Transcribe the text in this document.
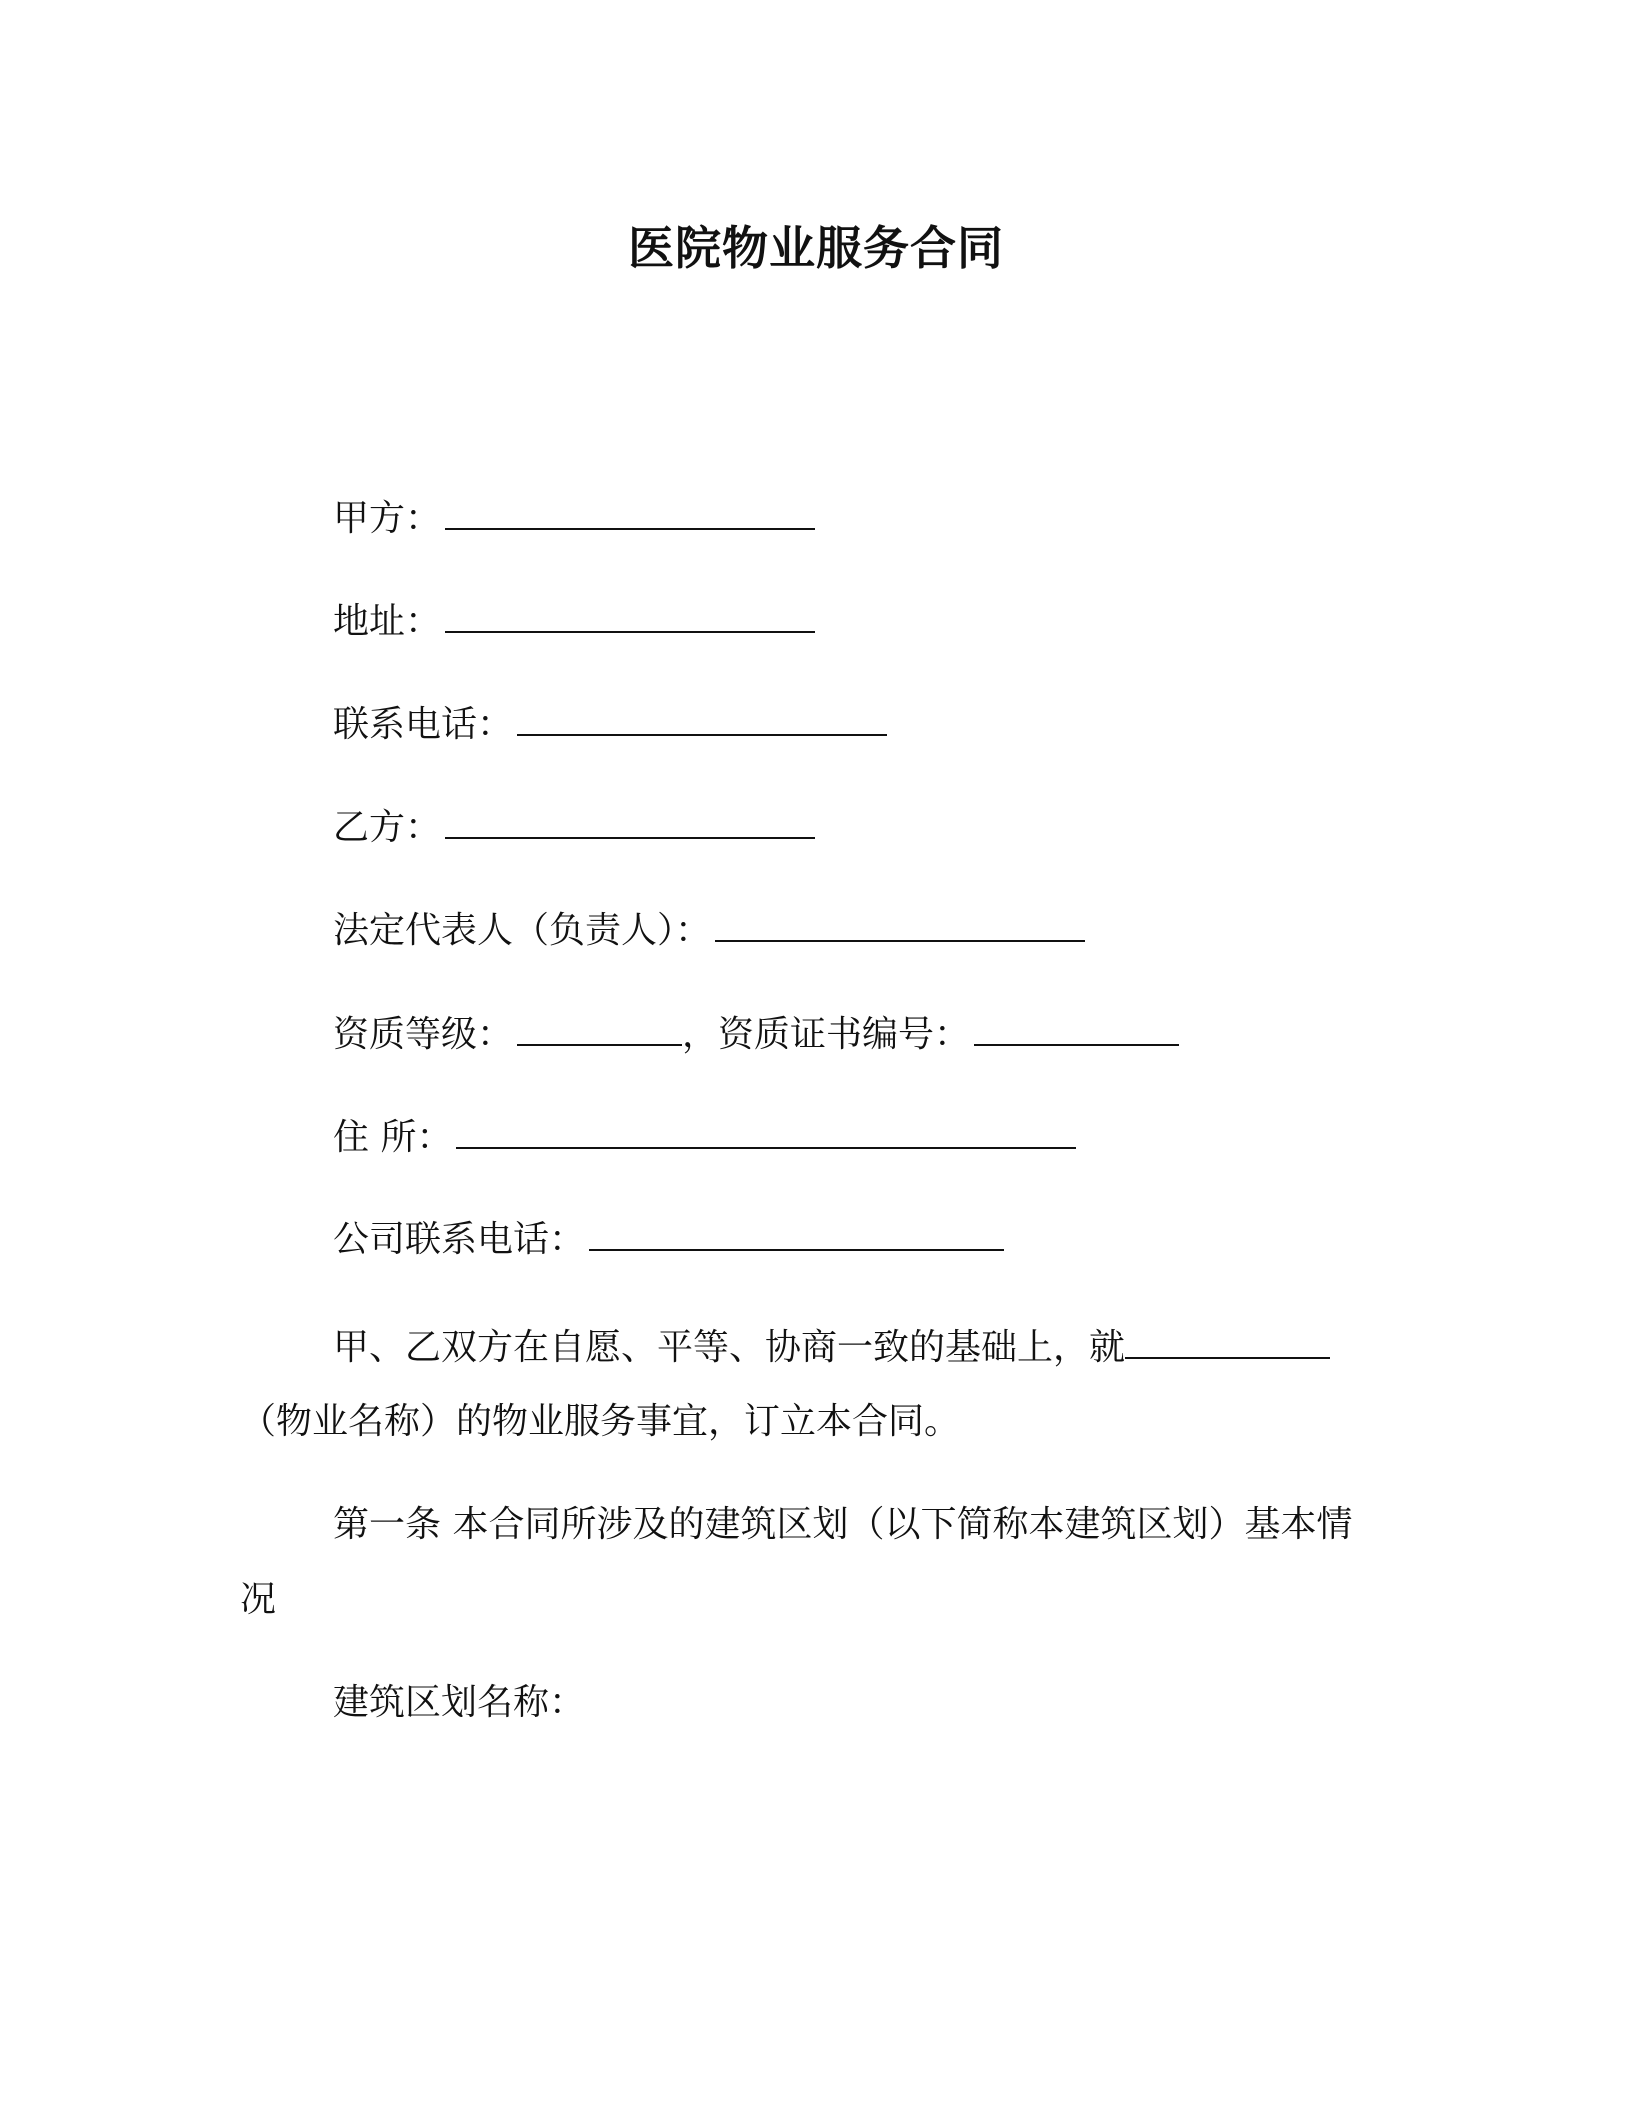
医院物业服务合同
甲方：
地址：
联系电话：
乙方：
法定代表人（负责人）：
资质等级：	，资质证书编号：
住 所：
公司联系电话：
甲、乙双方在自愿、平等、协商一致的基础上，就
（物业名称）的物业服务事宜，订立本合同。
第一条 本合同所涉及的建筑区划（以下简称本建筑区划）基本情
况
建筑区划名称：
